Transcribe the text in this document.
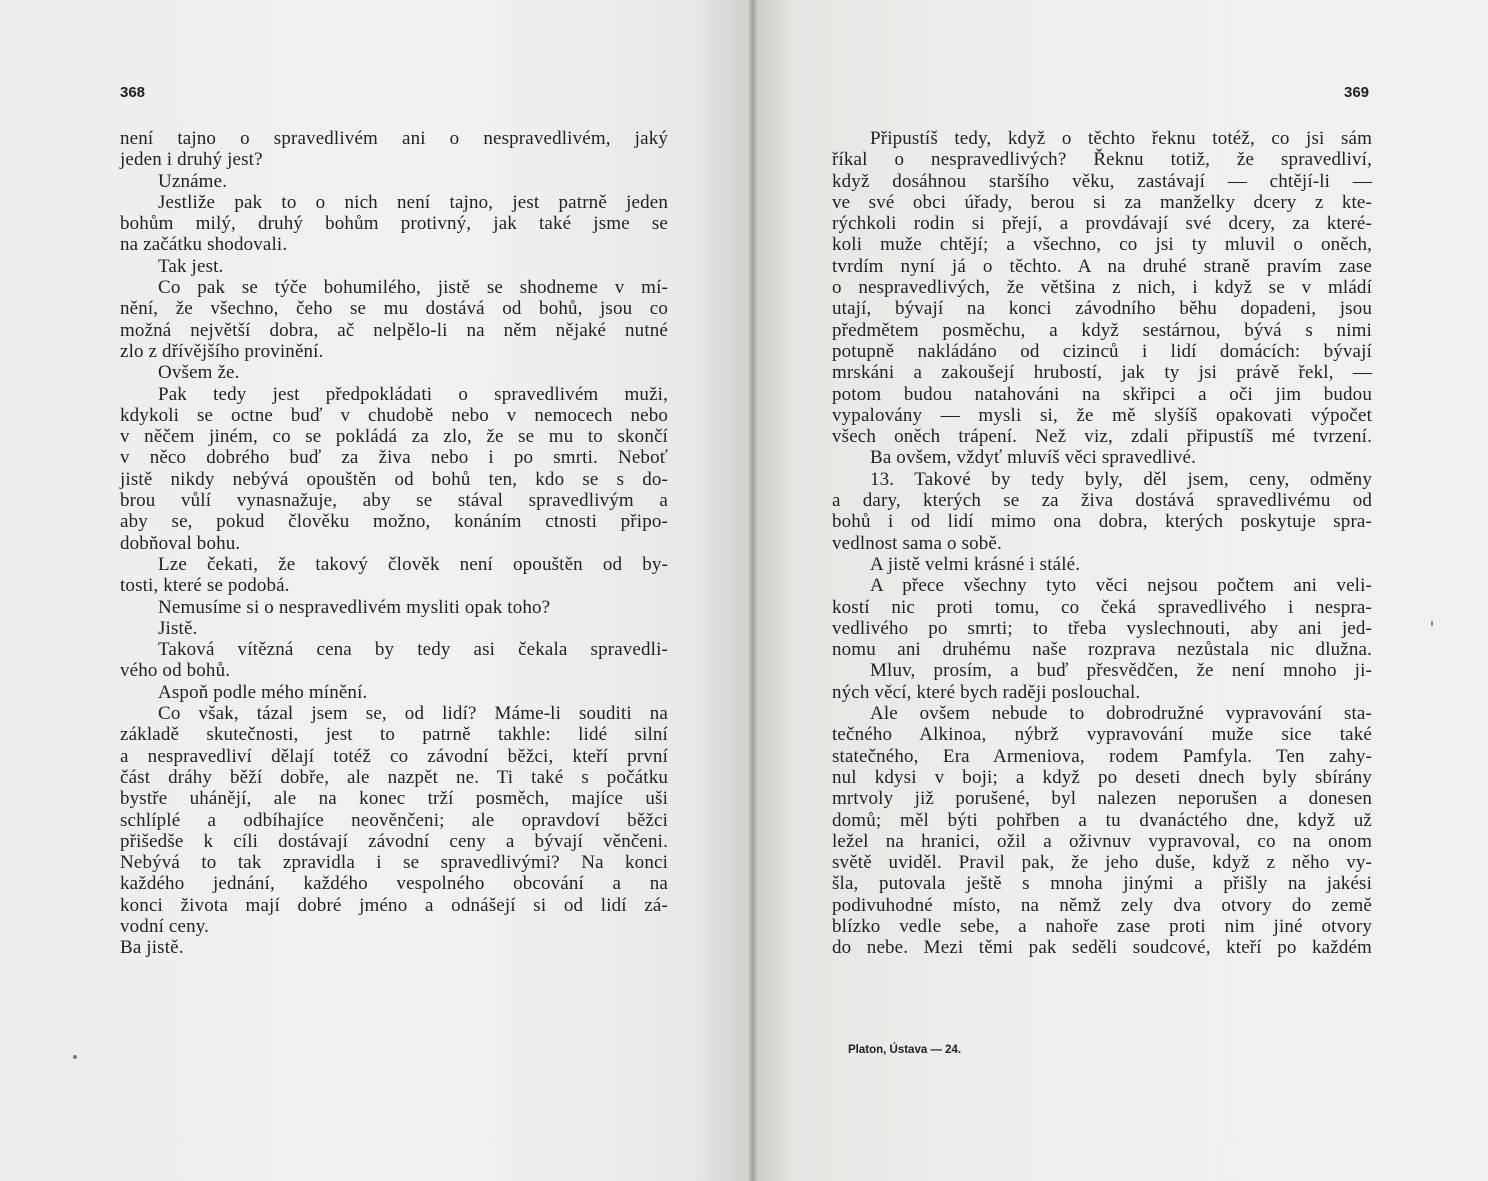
368
není tajno o spravedlivém ani o nespravedlivém, jaký
jeden i druhý jest?
Uznáme.
Jestliže pak to o nich není tajno, jest patrně jeden
bohům milý, druhý bohům protivný, jak také jsme se
na začátku shodovali.
Tak jest.
Co pak se týče bohumilého, jistě se shodneme v mí-
nění, že všechno, čeho se mu dostává od bohů, jsou co
možná největší dobra, ač nelpělo-li na něm nějaké nutné
zlo z dřívějšího provinění.
Ovšem že.
Pak tedy jest předpokládati o spravedlivém muži,
kdykoli se octne buď v chudobě nebo v nemocech nebo
v něčem jiném, co se pokládá za zlo, že se mu to skončí
v něco dobrého buď za živa nebo i po smrti. Neboť
jistě nikdy nebývá opouštěn od bohů ten, kdo se s do-
brou vůlí vynasnažuje, aby se stával spravedlivým a
aby se, pokud člověku možno, konáním ctnosti připo-
dobňoval bohu.
Lze čekati, že takový člověk není opouštěn od by-
tosti, které se podobá.
Nemusíme si o nespravedlivém mysliti opak toho?
Jistě.
Taková vítězná cena by tedy asi čekala spravedli-
vého od bohů.
Aspoň podle mého mínění.
Co však, tázal jsem se, od lidí? Máme-li souditi na
základě skutečnosti, jest to patrně takhle: lidé silní
a nespravedliví dělají totéž co závodní běžci, kteří první
část dráhy běží dobře, ale nazpět ne. Ti také s počátku
bystře uhánějí, ale na konec trží posměch, majíce uši
schlíplé a odbíhajíce neověnčeni; ale opravdoví běžci
přišedše k cíli dostávají závodní ceny a bývají věnčeni.
Nebývá to tak zpravidla i se spravedlivými? Na konci
každého jednání, každého vespolného obcování a na
konci života mají dobré jméno a odnášejí si od lidí zá-
vodní ceny.
Ba jistě.
369
Připustíš tedy, když o těchto řeknu totéž, co jsi sám
říkal o nespravedlivých? Řeknu totiž, že spravedliví,
když dosáhnou staršího věku, zastávají — chtějí-li —
ve své obci úřady, berou si za manželky dcery z kte-
rýchkoli rodin si přejí, a provdávají své dcery, za které-
koli muže chtějí; a všechno, co jsi ty mluvil o oněch,
tvrdím nyní já o těchto. A na druhé straně pravím zase
o nespravedlivých, že většina z nich, i když se v mládí
utají, bývají na konci závodního běhu dopadeni, jsou
předmětem posměchu, a když sestárnou, bývá s nimi
potupně nakládáno od cizinců i lidí domácích: bývají
mrskáni a zakoušejí hrubostí, jak ty jsi právě řekl, —
potom budou natahováni na skřipci a oči jim budou
vypalovány — mysli si, že mě slyšíš opakovati výpočet
všech oněch trápení. Než viz, zdali připustíš mé tvrzení.
Ba ovšem, vždyť mluvíš věci spravedlivé.
13. Takové by tedy byly, děl jsem, ceny, odměny
a dary, kterých se za živa dostává spravedlivému od
bohů i od lidí mimo ona dobra, kterých poskytuje spra-
vedlnost sama o sobě.
A jistě velmi krásné i stálé.
A přece všechny tyto věci nejsou počtem ani veli-
kostí nic proti tomu, co čeká spravedlivého i nespra-
vedlivého po smrti; to třeba vyslechnouti, aby ani jed-
nomu ani druhému naše rozprava nezůstala nic dlužna.
Mluv, prosím, a buď přesvědčen, že není mnoho ji-
ných věcí, které bych raději poslouchal.
Ale ovšem nebude to dobrodružné vypravování sta-
tečného Alkinoa, nýbrž vypravování muže sice také
statečného, Era Armeniova, rodem Pamfyla. Ten zahy-
nul kdysi v boji; a když po deseti dnech byly sbírány
mrtvoly již porušené, byl nalezen neporušen a donesen
domů; měl býti pohřben a tu dvanáctého dne, když už
ležel na hranici, ožil a oživnuv vypravoval, co na onom
světě uviděl. Pravil pak, že jeho duše, když z něho vy-
šla, putovala ještě s mnoha jinými a přišly na jakési
podivuhodné místo, na němž zely dva otvory do země
blízko vedle sebe, a nahoře zase proti nim jiné otvory
do nebe. Mezi těmi pak seděli soudcové, kteří po každém
Platon, Ústava — 24.
